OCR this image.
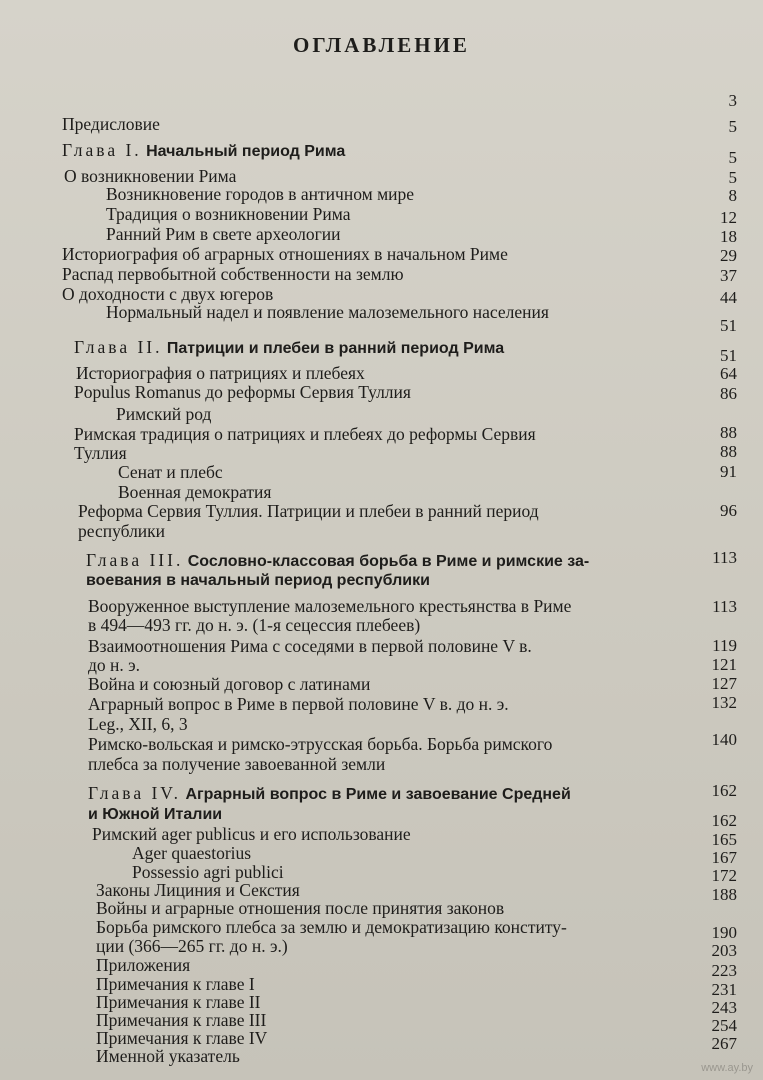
ОГЛАВЛЕНИЕ
Предисловие
Глава I. Начальный период Рима
О возникновении Рима
Возникновение городов в античном мире
Традиция о возникновении Рима
Ранний Рим в свете археологии
Историография об аграрных отношениях в начальном Риме
Распад первобытной собственности на землю
О доходности с двух югеров
Нормальный надел и появление малоземельного населения
Глава II. Патриции и плебеи в ранний период Рима
Историография о патрициях и плебеях
Populus Romanus до реформы Сервия Туллия
Римский род
Римская традиция о патрициях и плебеях до реформы Сервия
Туллия
Сенат и плебс
Военная демократия
Реформа Сервия Туллия. Патриции и плебеи в ранний период
республики
Глава III. Сословно-классовая борьба в Риме и римские за-
воевания в начальный период республики
Вооруженное выступление малоземельного крестьянства в Риме
в 494—493 гг. до н. э. (1-я сецессия плебеев)
Взаимоотношения Рима с соседями в первой половине V в.
до н. э.
Война и союзный договор с латинами
Аграрный вопрос в Риме в первой половине V в. до н. э.
Leg., XII, 6, 3
Римско-вольская и римско-этрусская борьба. Борьба римского
плебса за получение завоеванной земли
Глава IV. Аграрный вопрос в Риме и завоевание Средней
и Южной Италии
Римский ager publicus и его использование
Ager quaestorius
Possessio agri publici
Законы Лициния и Секстия
Войны и аграрные отношения после принятия законов
Борьба римского плебса за землю и демократизацию конститу-
ции (366—265 гг. до н. э.)
Приложения
Примечания к главе I
Примечания к главе II
Примечания к главе III
Примечания к главе IV
Именной указатель
3
5
5
5
8
12
18
29
37
44
51
51
64
86
88
88
91
96
113
113
119
121
127
132
140
162
162
165
167
172
188
190
203
223
231
243
254
267
www.ay.by
